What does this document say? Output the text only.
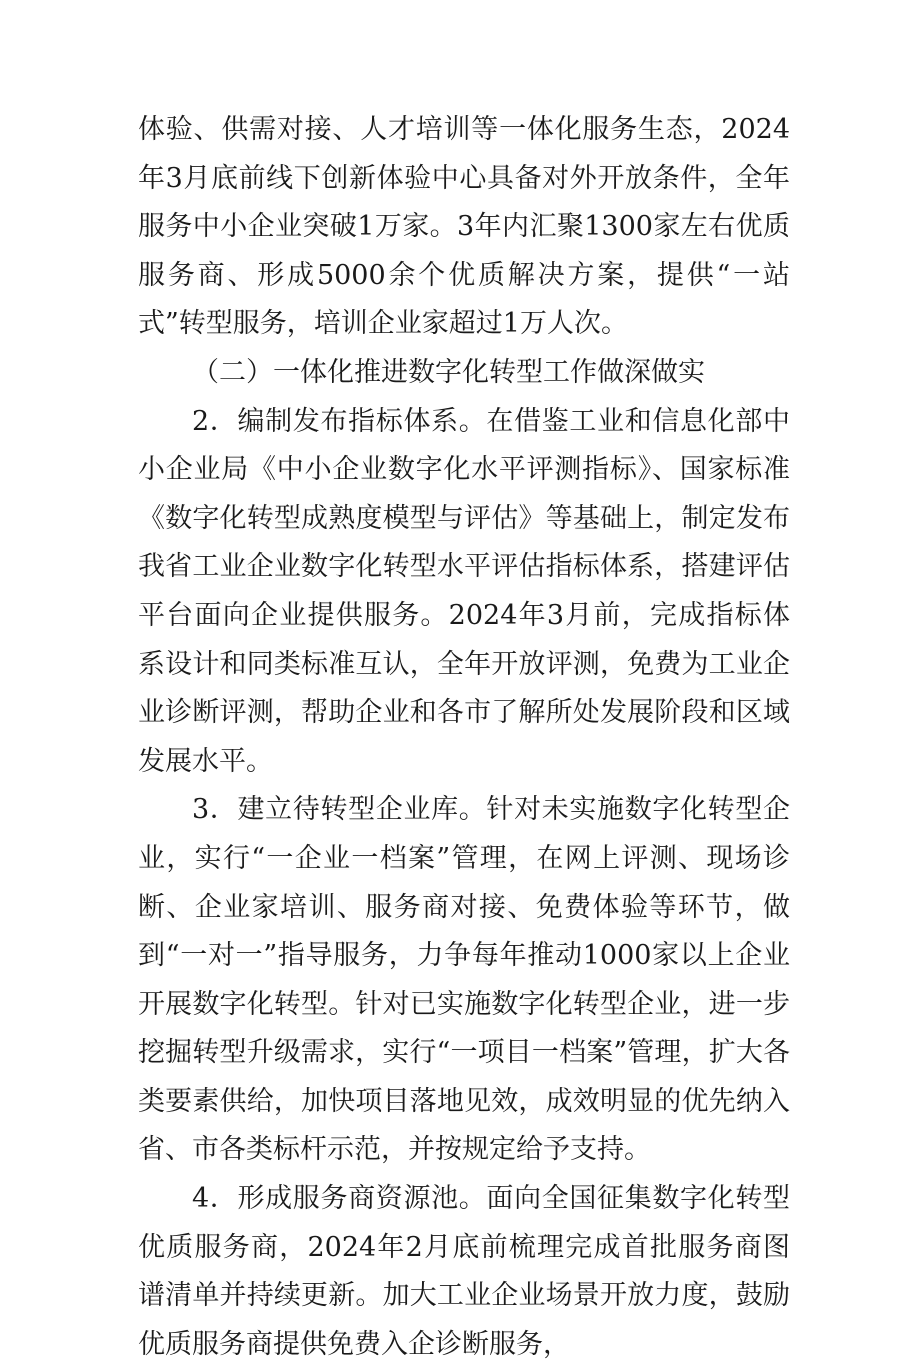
体验、供需对接、人才培训等一体化服务生态，2024年3月底前线下创新体验中心具备对外开放条件，全年服务中小企业突破1万家。3年内汇聚1300家左右优质服务商、形成5000余个优质解决方案，提供“一站式”转型服务，培训企业家超过1万人次。

（二）一体化推进数字化转型工作做深做实

2．编制发布指标体系。在借鉴工业和信息化部中小企业局《中小企业数字化水平评测指标》、国家标准《数字化转型成熟度模型与评估》等基础上，制定发布我省工业企业数字化转型水平评估指标体系，搭建评估平台面向企业提供服务。2024年3月前，完成指标体系设计和同类标准互认，全年开放评测，免费为工业企业诊断评测，帮助企业和各市了解所处发展阶段和区域发展水平。

3．建立待转型企业库。针对未实施数字化转型企业，实行“一企业一档案”管理，在网上评测、现场诊断、企业家培训、服务商对接、免费体验等环节，做到“一对一”指导服务，力争每年推动1000家以上企业开展数字化转型。针对已实施数字化转型企业，进一步挖掘转型升级需求，实行“一项目一档案”管理，扩大各类要素供给，加快项目落地见效，成效明显的优先纳入省、市各类标杆示范，并按规定给予支持。

4．形成服务商资源池。面向全国征集数字化转型优质服务商，2024年2月底前梳理完成首批服务商图谱清单并持续更新。加大工业企业场景开放力度，鼓励优质服务商提供免费入企诊断服务，
